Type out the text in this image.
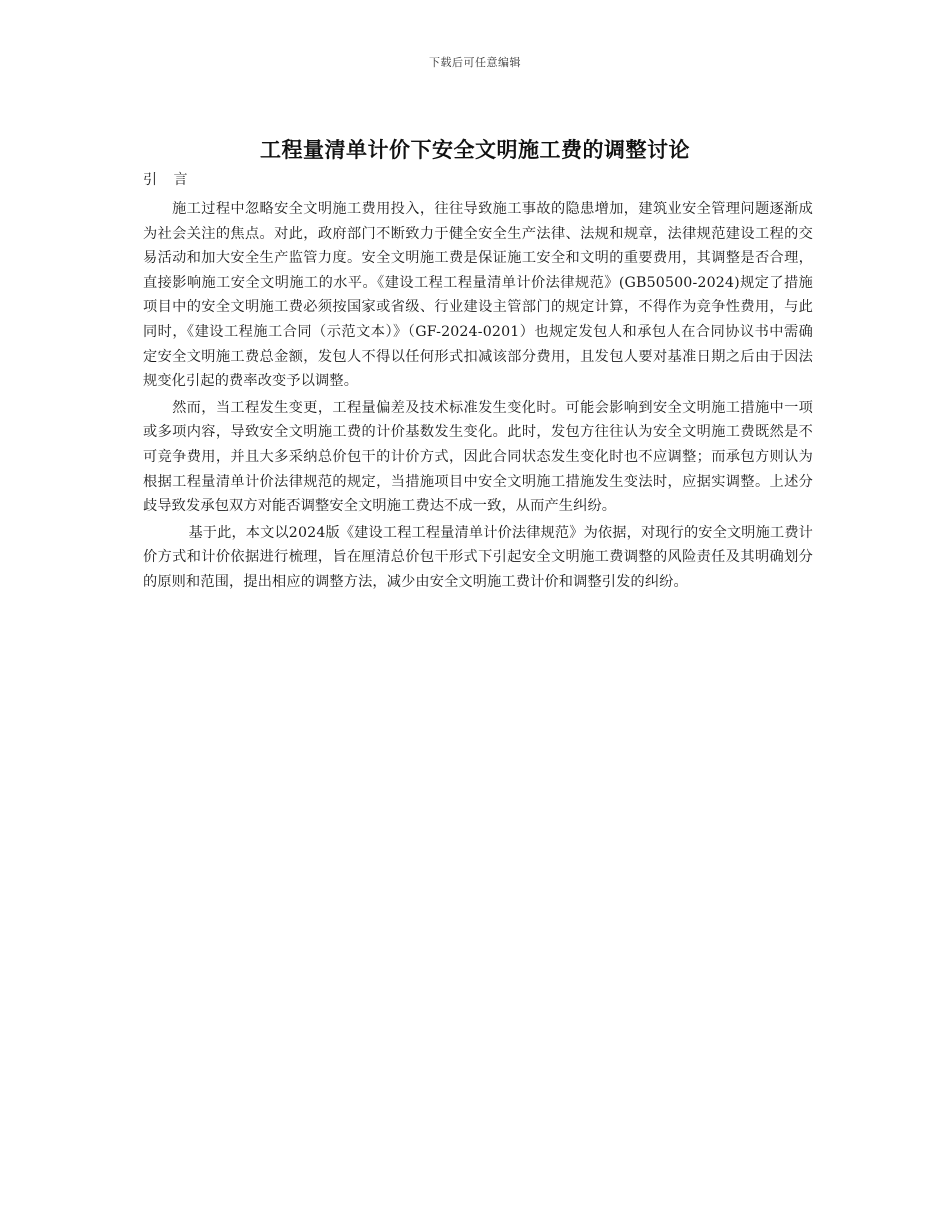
下载后可任意编辑
工程量清单计价下安全文明施工费的调整讨论
引 言

施工过程中忽略安全文明施工费用投入，往往导致施工事故的隐患增加，建筑业安全管理问题逐渐成为社会关注的焦点。对此，政府部门不断致力于健全安全生产法律、法规和规章，法律规范建设工程的交易活动和加大安全生产监管力度。安全文明施工费是保证施工安全和文明的重要费用，其调整是否合理，直接影响施工安全文明施工的水平。《建设工程工程量清单计价法律规范》(GB50500-2024)规定了措施项目中的安全文明施工费必须按国家或省级、行业建设主管部门的规定计算，不得作为竞争性费用，与此同时，《建设工程施工合同（示范文本）》（GF-2024-0201）也规定发包人和承包人在合同协议书中需确定安全文明施工费总金额，发包人不得以任何形式扣减该部分费用，且发包人要对基准日期之后由于因法规变化引起的费率改变予以调整。

然而，当工程发生变更，工程量偏差及技术标准发生变化时。可能会影响到安全文明施工措施中一项或多项内容，导致安全文明施工费的计价基数发生变化。此时，发包方往往认为安全文明施工费既然是不可竞争费用，并且大多采纳总价包干的计价方式，因此合同状态发生变化时也不应调整；而承包方则认为根据工程量清单计价法律规范的规定，当措施项目中安全文明施工措施发生变法时，应据实调整。上述分歧导致发承包双方对能否调整安全文明施工费达不成一致，从而产生纠纷。

基于此，本文以2024版《建设工程工程量清单计价法律规范》为依据，对现行的安全文明施工费计价方式和计价依据进行梳理，旨在厘清总价包干形式下引起安全文明施工费调整的风险责任及其明确划分的原则和范围，提出相应的调整方法，减少由安全文明施工费计价和调整引发的纠纷。
